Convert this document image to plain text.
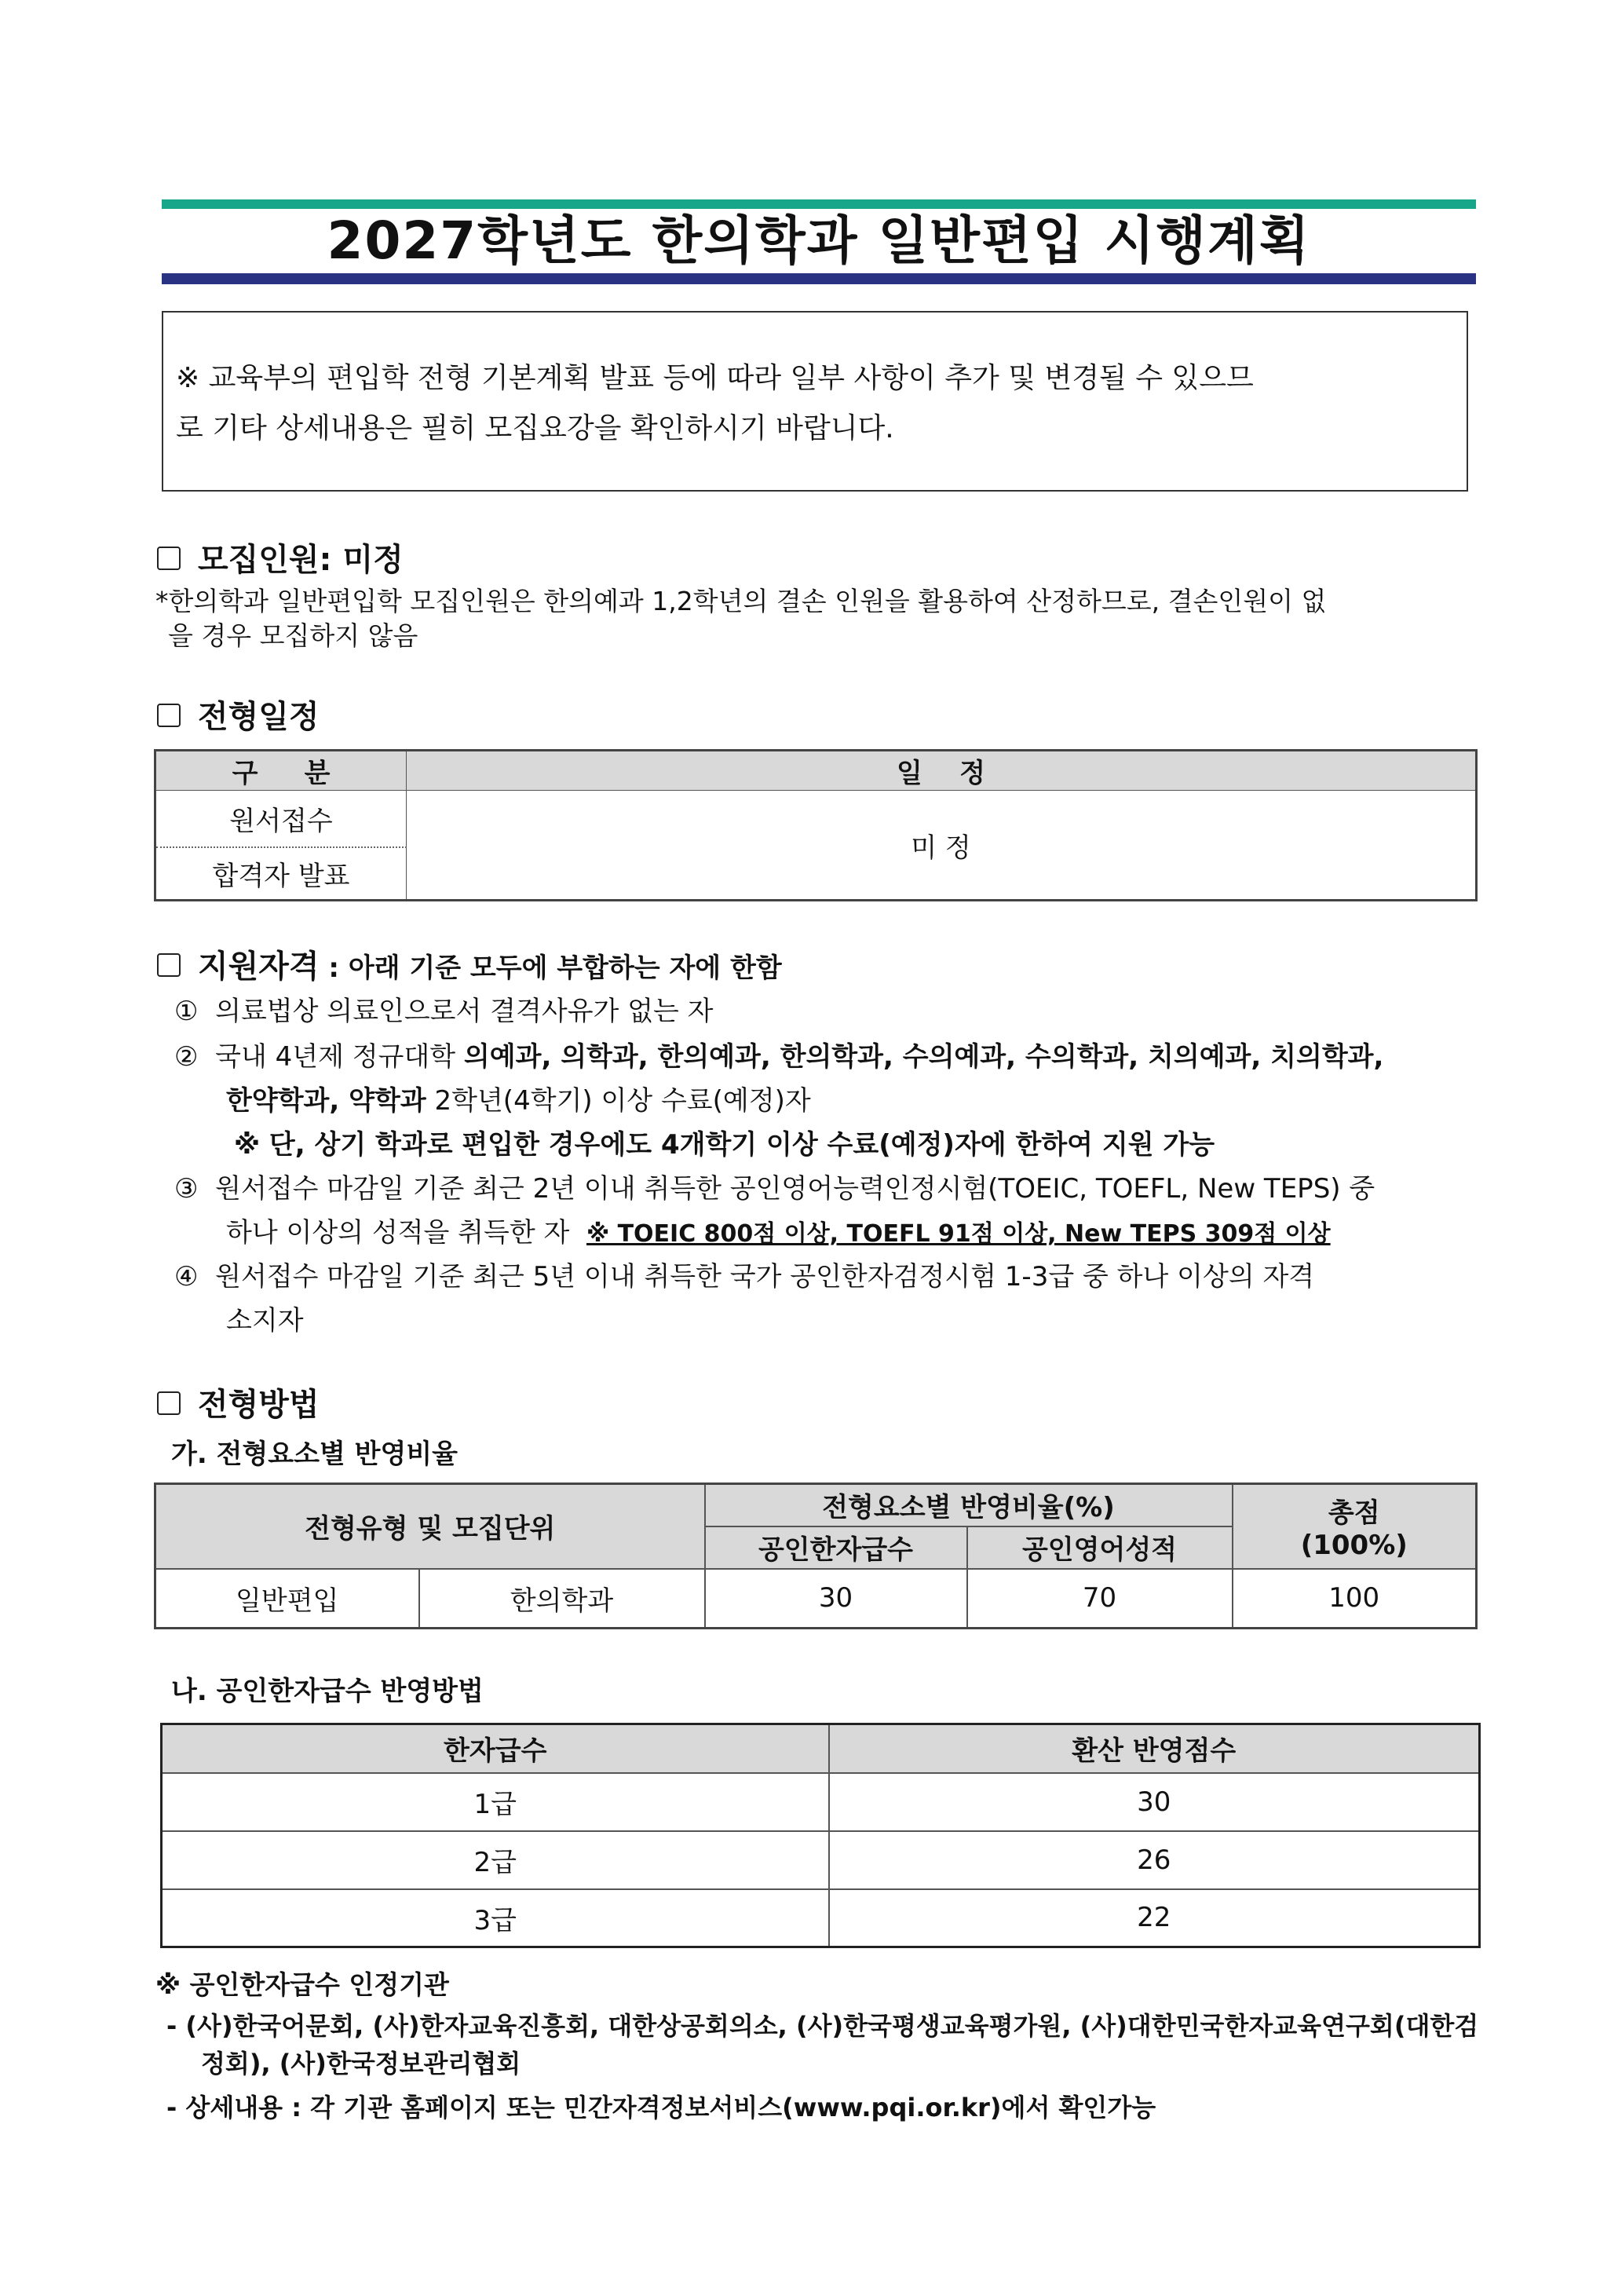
2027학년도 한의학과 일반편입 시행계획

※ 교육부의 편입학 전형 기본계획 발표 등에 따라 일부 사항이 추가 및 변경될 수 있으므

로 기타 상세내용은 필히 모집요강을 확인하시기 바랍니다.

모집인원: 미정
*한의학과 일반편입학 모집인원은 한의예과 1,2학년의 결손 인원을 활용하여 산정하므로, 결손인원이 없
을 경우 모집하지 않음
전형일정
구     분	일    정
원서접수	미 정
합격자 발표	
지원자격 : 아래 기준 모두에 부합하는 자에 한함
① 의료법상 의료인으로서 결격사유가 없는 자
② 국내 4년제 정규대학 의예과, 의학과, 한의예과, 한의학과, 수의예과, 수의학과, 치의예과, 치의학과,
한약학과, 약학과 2학년(4학기) 이상 수료(예정)자
※ 단, 상기 학과로 편입한 경우에도 4개학기 이상 수료(예정)자에 한하여 지원 가능
③ 원서접수 마감일 기준 최근 2년 이내 취득한 공인영어능력인정시험(TOEIC, TOEFL, New TEPS) 중
하나 이상의 성적을 취득한 자  ※ TOEIC 800점 이상, TOEFL 91점 이상, New TEPS 309점 이상
④ 원서접수 마감일 기준 최근 5년 이내 취득한 국가 공인한자검정시험 1-3급 중 하나 이상의 자격
소지자
전형방법
가. 전형요소별 반영비율
전형유형 및 모집단위		전형요소별 반영비율(%)		총점
(100%)

		공인한자급수	공인영어성적	
일반편입	한의학과	30	70	100
나. 공인한자급수 반영방법
한자급수	환산 반영점수
1급	30
2급	26
3급	22
※ 공인한자급수 인정기관
- (사)한국어문회, (사)한자교육진흥회, 대한상공회의소, (사)한국평생교육평가원, (사)대한민국한자교육연구회(대한검
정회), (사)한국정보관리협회
- 상세내용 : 각 기관 홈페이지 또는 민간자격정보서비스(www.pqi.or.kr)에서 확인가능
